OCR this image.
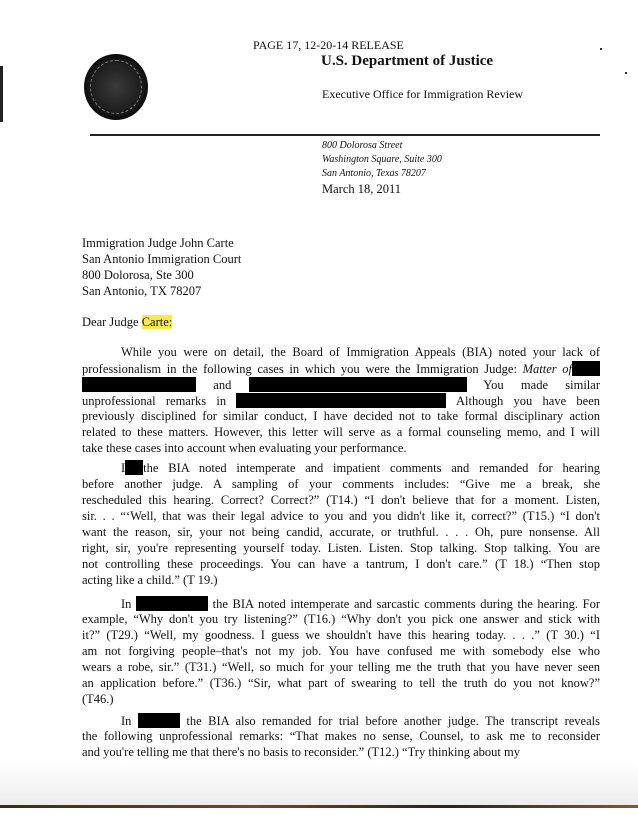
PAGE 17, 12-20-14 RELEASE
U.S. Department of Justice
Executive Office for Immigration Review
800 Dolorosa Street
Washington Square, Suite 300
San Antonio, Texas 78207
March 18, 2011
Immigration Judge John Carte
San Antonio Immigration Court
800 Dolorosa, Ste 300
San Antonio, TX 78207
Dear Judge Carte:
While you were on detail, the Board of Immigration Appeals (BIA) noted your lack of
professionalism in the following cases in which you were the Immigration Judge: Matter of
and	You made similar
unprofessional remarks in	Although you have been
previously disciplined for similar conduct, I have decided not to take formal disciplinary action
related to these matters. However, this letter will serve as a formal counseling memo, and I will
take these cases into account when evaluating your performance.
I the BIA noted intemperate and impatient comments and remanded for hearing
before another judge. A sampling of your comments includes: “Give me a break, she
rescheduled this hearing. Correct? Correct?” (T14.) “I don't believe that for a moment. Listen,
sir. . . “‘Well, that was their legal advice to you and you didn't like it, correct?” (T15.) “I don't
want the reason, sir, your not being candid, accurate, or truthful. . . . Oh, pure nonsense. All
right, sir, you're representing yourself today. Listen. Listen. Stop talking. Stop talking. You are
not controlling these proceedings. You can have a tantrum, I don't care.” (T 18.) “Then stop
acting like a child.” (T 19.)
In	the BIA noted intemperate and sarcastic comments during the hearing. For
example, “Why don't you try listening?” (T16.) “Why don't you pick one answer and stick with
it?” (T29.) “Well, my goodness. I guess we shouldn't have this hearing today. . . .” (T 30.) “I
am not forgiving people–that's not my job. You have confused me with somebody else who
wears a robe, sir.” (T31.) “Well, so much for your telling me the truth that you have never seen
an application before.” (T36.) “Sir, what part of swearing to tell the truth do you not know?”
(T46.)
In	the BIA also remanded for trial before another judge. The transcript reveals
the following unprofessional remarks: “That makes no sense, Counsel, to ask me to reconsider
and you're telling me that there's no basis to reconsider.” (T12.) “Try thinking about my
